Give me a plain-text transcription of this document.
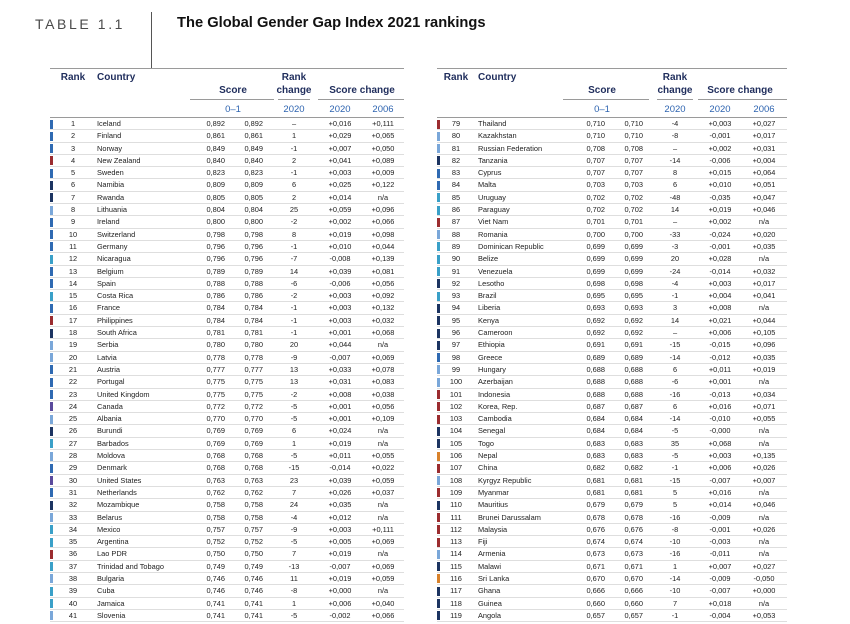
TABLE 1.1	The Global Gender Gap Index 2021 rankings
Rank	Country
Score
Rank
change	Score change
0–1	2020	2020	2006
1	Iceland	0,892	0,892	–	+0,016	+0,111
2	Finland	0,861	0,861	1	+0,029	+0,065
3	Norway	0,849	0,849	-1	+0,007	+0,050
4	New Zealand	0,840	0,840	2	+0,041	+0,089
5	Sweden	0,823	0,823	-1	+0,003	+0,009
6	Namibia	0,809	0,809	6	+0,025	+0,122
7	Rwanda	0,805	0,805	2	+0,014	n/a
8	Lithuania	0,804	0,804	25	+0,059	+0,096
9	Ireland	0,800	0,800	-2	+0,002	+0,066
10	Switzerland	0,798	0,798	8	+0,019	+0,098
11	Germany	0,796	0,796	-1	+0,010	+0,044
12	Nicaragua	0,796	0,796	-7	-0,008	+0,139
13	Belgium	0,789	0,789	14	+0,039	+0,081
14	Spain	0,788	0,788	-6	-0,006	+0,056
15	Costa Rica	0,786	0,786	-2	+0,003	+0,092
16	France	0,784	0,784	-1	+0,003	+0,132
17	Philippines	0,784	0,784	-1	+0,003	+0,032
18	South Africa	0,781	0,781	-1	+0,001	+0,068
19	Serbia	0,780	0,780	20	+0,044	n/a
20	Latvia	0,778	0,778	-9	-0,007	+0,069
21	Austria	0,777	0,777	13	+0,033	+0,078
22	Portugal	0,775	0,775	13	+0,031	+0,083
23	United Kingdom	0,775	0,775	-2	+0,008	+0,038
24	Canada	0,772	0,772	-5	+0,001	+0,056
25	Albania	0,770	0,770	-5	+0,001	+0,109
26	Burundi	0,769	0,769	6	+0,024	n/a
27	Barbados	0,769	0,769	1	+0,019	n/a
28	Moldova	0,768	0,768	-5	+0,011	+0,055
29	Denmark	0,768	0,768	-15	-0,014	+0,022
30	United States	0,763	0,763	23	+0,039	+0,059
31	Netherlands	0,762	0,762	7	+0,026	+0,037
32	Mozambique	0,758	0,758	24	+0,035	n/a
33	Belarus	0,758	0,758	-4	+0,012	n/a
34	Mexico	0,757	0,757	-9	+0,003	+0,111
35	Argentina	0,752	0,752	-5	+0,005	+0,069
36	Lao PDR	0,750	0,750	7	+0,019	n/a
37	Trinidad and Tobago	0,749	0,749	-13	-0,007	+0,069
38	Bulgaria	0,746	0,746	11	+0,019	+0,059
39	Cuba	0,746	0,746	-8	+0,000	n/a
40	Jamaica	0,741	0,741	1	+0,006	+0,040
41	Slovenia	0,741	0,741	-5	-0,002	+0,066
Rank Country
Score
Rank
change	Score change
0–1	2020	2020	2006
79	Thailand	0,710	0,710	-4	+0,003	+0,027
80	Kazakhstan	0,710	0,710	-8	-0,001	+0,017
81	Russian Federation	0,708	0,708	–	+0,002	+0,031
82	Tanzania	0,707	0,707	-14	-0,006	+0,004
83	Cyprus	0,707	0,707	8	+0,015	+0,064
84	Malta	0,703	0,703	6	+0,010	+0,051
85	Uruguay	0,702	0,702	-48	-0,035	+0,047
86	Paraguay	0,702	0,702	14	+0,019	+0,046
87	Viet Nam	0,701	0,701	–	+0,002	n/a
88	Romania	0,700	0,700	-33	-0,024	+0,020
89	Dominican Republic	0,699	0,699	-3	-0,001	+0,035
90	Belize	0,699	0,699	20	+0,028	n/a
91	Venezuela	0,699	0,699	-24	-0,014	+0,032
92	Lesotho	0,698	0,698	-4	+0,003	+0,017
93	Brazil	0,695	0,695	-1	+0,004	+0,041
94	Liberia	0,693	0,693	3	+0,008	n/a
95	Kenya	0,692	0,692	14	+0,021	+0,044
96	Cameroon	0,692	0,692	–	+0,006	+0,105
97	Ethiopia	0,691	0,691	-15	-0,015	+0,096
98	Greece	0,689	0,689	-14	-0,012	+0,035
99	Hungary	0,688	0,688	6	+0,011	+0,019
100	Azerbaijan	0,688	0,688	-6	+0,001	n/a
101	Indonesia	0,688	0,688	-16	-0,013	+0,034
102	Korea, Rep.	0,687	0,687	6	+0,016	+0,071
103	Cambodia	0,684	0,684	-14	-0,010	+0,055
104	Senegal	0,684	0,684	-5	-0,000	n/a
105	Togo	0,683	0,683	35	+0,068	n/a
106	Nepal	0,683	0,683	-5	+0,003	+0,135
107	China	0,682	0,682	-1	+0,006	+0,026
108	Kyrgyz Republic	0,681	0,681	-15	-0,007	+0,007
109	Myanmar	0,681	0,681	5	+0,016	n/a
110	Mauritius	0,679	0,679	5	+0,014	+0,046
111	Brunei Darussalam	0,678	0,678	-16	-0,009	n/a
112	Malaysia	0,676	0,676	-8	-0,001	+0,026
113	Fiji	0,674	0,674	-10	-0,003	n/a
114	Armenia	0,673	0,673	-16	-0,011	n/a
115	Malawi	0,671	0,671	1	+0,007	+0,027
116	Sri Lanka	0,670	0,670	-14	-0,009	-0,050
117	Ghana	0,666	0,666	-10	-0,007	+0,000
118	Guinea	0,660	0,660	7	+0,018	n/a
119	Angola	0,657	0,657	-1	-0,004	+0,053
